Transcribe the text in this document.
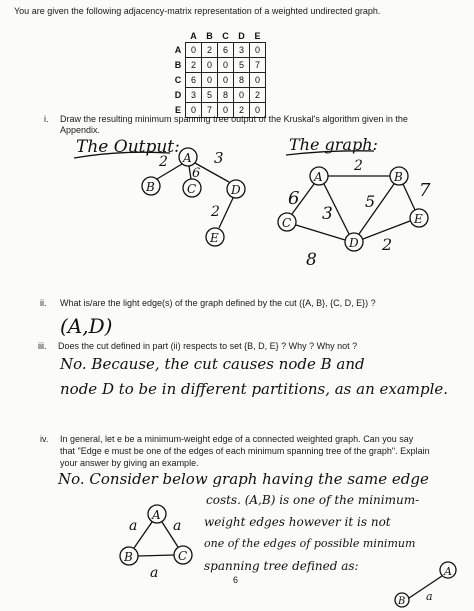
You are given the following adjacency-matrix representation of a weighted undirected graph.
	A	B	C	D	E
A	0	2	6	3	0
B	2	0	0	5	7
C	6	0	0	8	0
D	3	5	8	0	2
E	0	7	0	2	0
i. Draw the resulting minimum spanning tree output of the Kruskal's algorithm given in the
Appendix.
ii. What is/are the light edge(s) of the graph defined by the cut ({A, B}, {C, D, E}) ?
iii. Does the cut defined in part (ii) respects to set {B, D, E} ? Why ? Why not ?
iv. In general, let e be a minimum-weight edge of a connected weighted graph. Can you say
that "Edge e must be one of the edges of each minimum spanning tree of the graph". Explain
your answer by giving an example.
(A,D)
No. Because, the cut causes node B and
node D to be in different partitions, as an example.
No. Consider below graph having the same edge
costs. (A,B) is one of the minimum-
weight edges however it is not
one of the edges of possible minimum
spanning tree defined as:
The Output:	The graph:
A
B	C	D
E
2
6
3
2
A	B
C
D
E
2
6
3
5
7
8
2
A
B	C
a	a
a	A
B a
6
